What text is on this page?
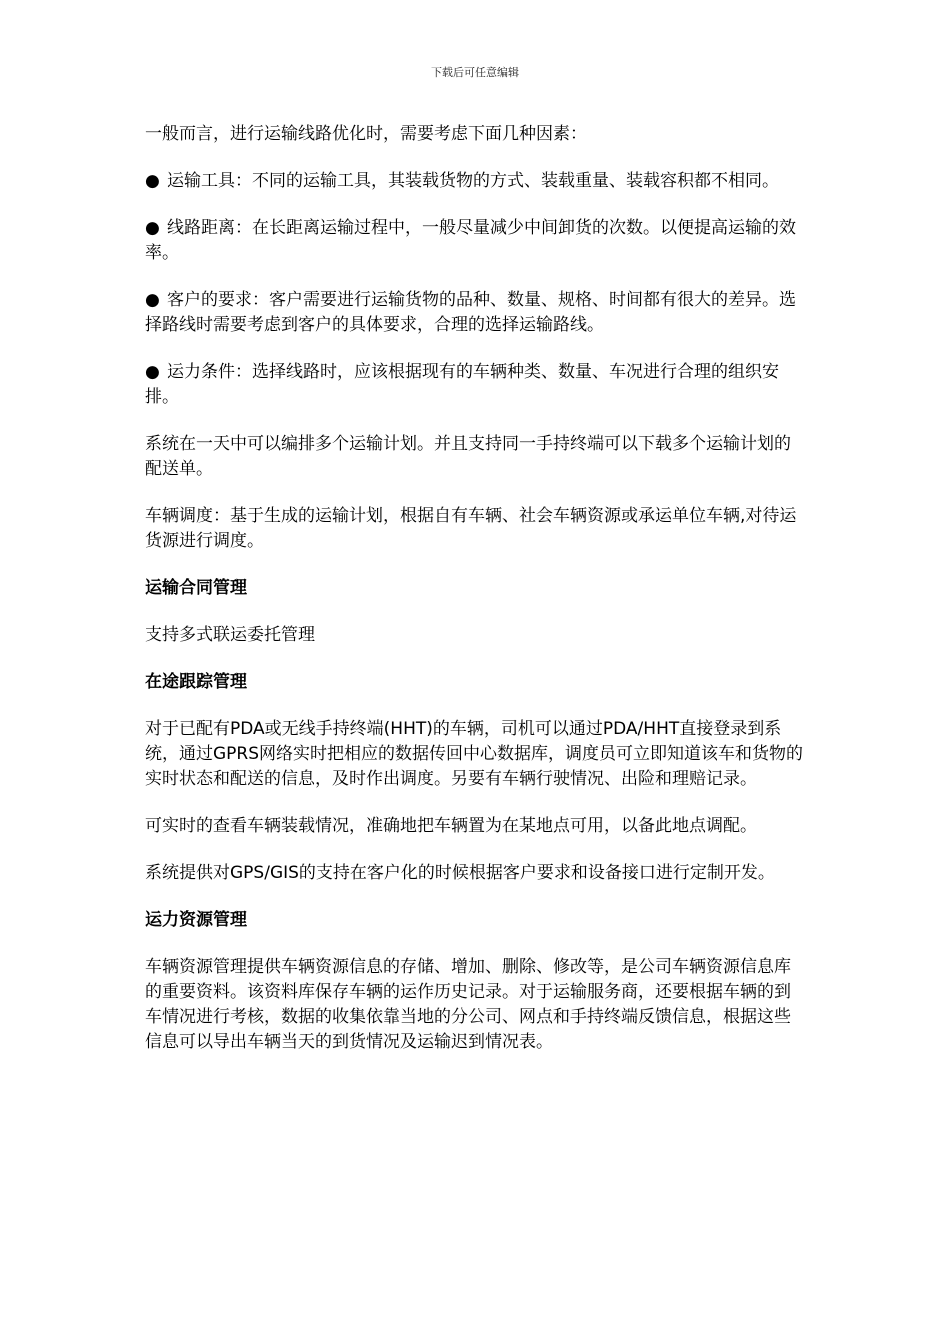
下载后可任意编辑

一般而言，进行运输线路优化时，需要考虑下面几种因素：

● 运输工具：不同的运输工具，其装载货物的方式、装载重量、装载容积都不相同。

● 线路距离：在长距离运输过程中，一般尽量减少中间卸货的次数。以便提高运输的效率。

● 客户的要求：客户需要进行运输货物的品种、数量、规格、时间都有很大的差异。选择路线时需要考虑到客户的具体要求，合理的选择运输路线。

● 运力条件：选择线路时，应该根据现有的车辆种类、数量、车况进行合理的组织安排。

系统在一天中可以编排多个运输计划。并且支持同一手持终端可以下载多个运输计划的配送单。

车辆调度：基于生成的运输计划，根据自有车辆、社会车辆资源或承运单位车辆,对待运货源进行调度。

运输合同管理

支持多式联运委托管理

在途跟踪管理

对于已配有PDA或无线手持终端(HHT)的车辆，司机可以通过PDA/HHT直接登录到系统，通过GPRS网络实时把相应的数据传回中心数据库，调度员可立即知道该车和货物的实时状态和配送的信息，及时作出调度。另要有车辆行驶情况、出险和理赔记录。

可实时的查看车辆装载情况，准确地把车辆置为在某地点可用，以备此地点调配。

系统提供对GPS/GIS的支持在客户化的时候根据客户要求和设备接口进行定制开发。

运力资源管理

车辆资源管理提供车辆资源信息的存储、增加、删除、修改等，是公司车辆资源信息库的重要资料。该资料库保存车辆的运作历史记录。对于运输服务商，还要根据车辆的到车情况进行考核，数据的收集依靠当地的分公司、网点和手持终端反馈信息，根据这些信息可以导出车辆当天的到货情况及运输迟到情况表。
